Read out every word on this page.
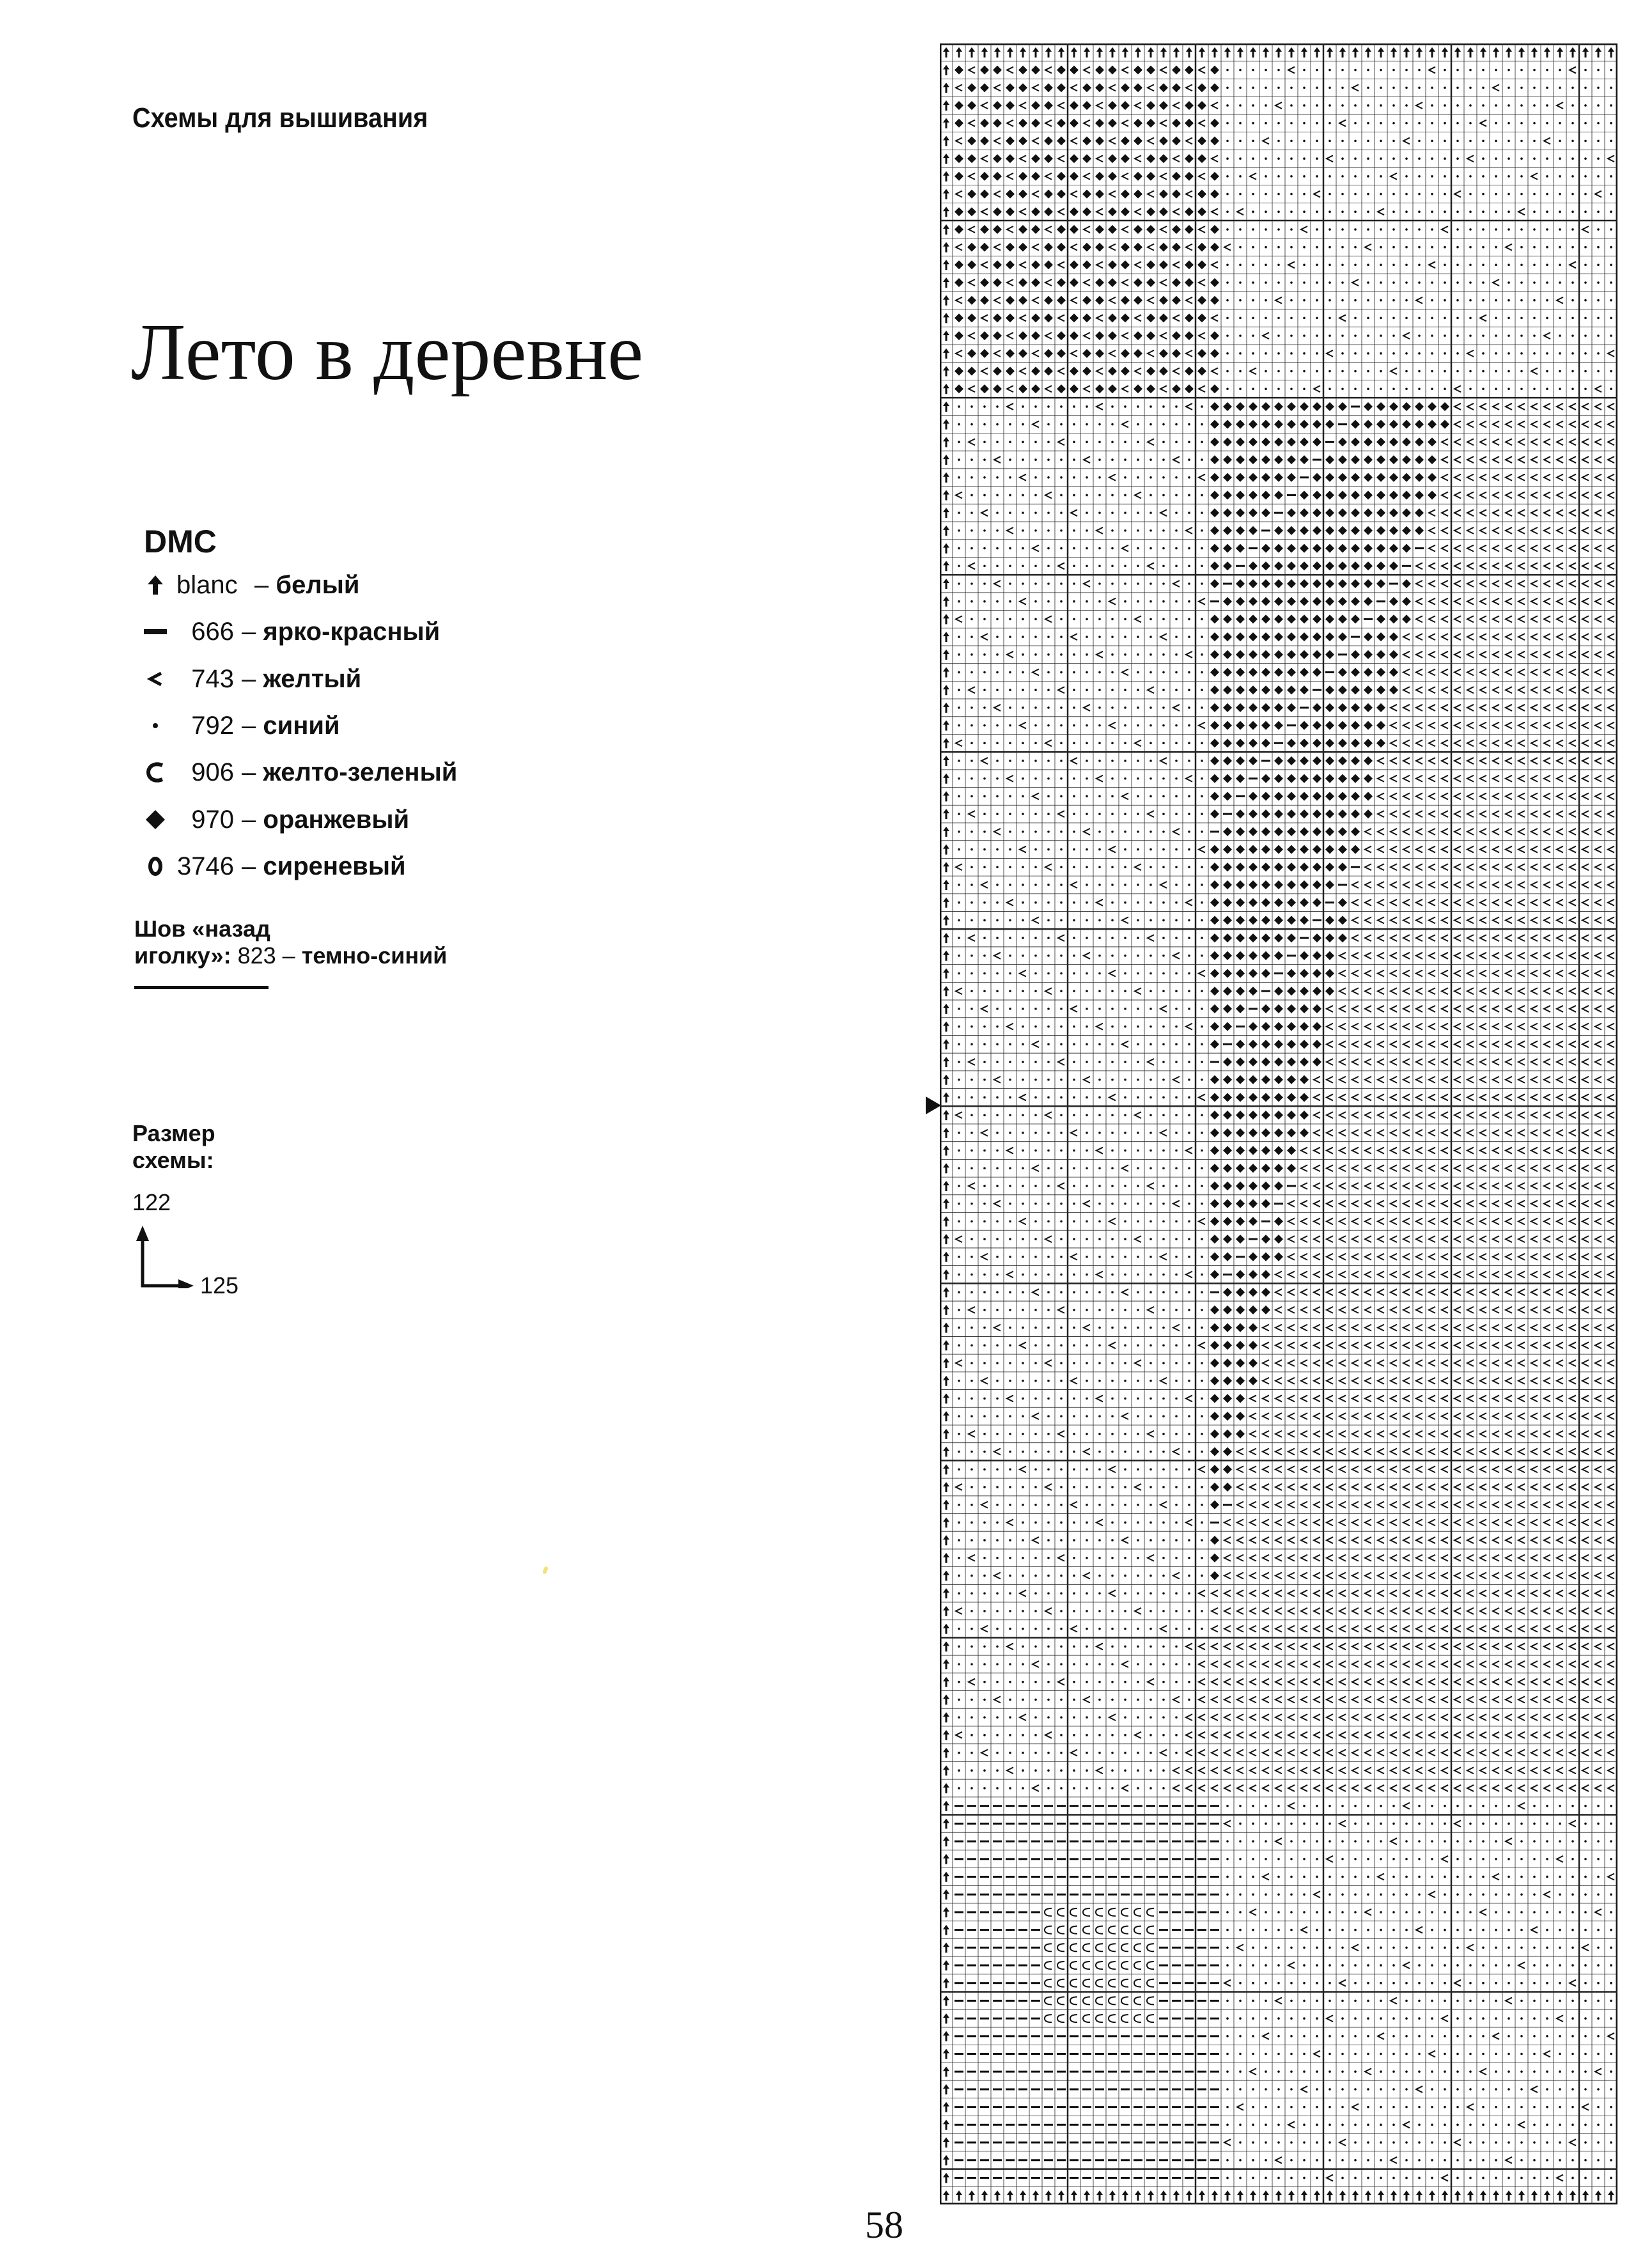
Схемы для вышивания
Лето в деревне
DMC
blanc –
белый
666 –
ярко-красный
743 –
желтый
792 –
синий
906 –
желто-зеленый
970 –
оранжевый
3746 –
сиреневый
Шов «назад
иголку»: 823 – темно-синий
Размер
схемы:
122
125
58
